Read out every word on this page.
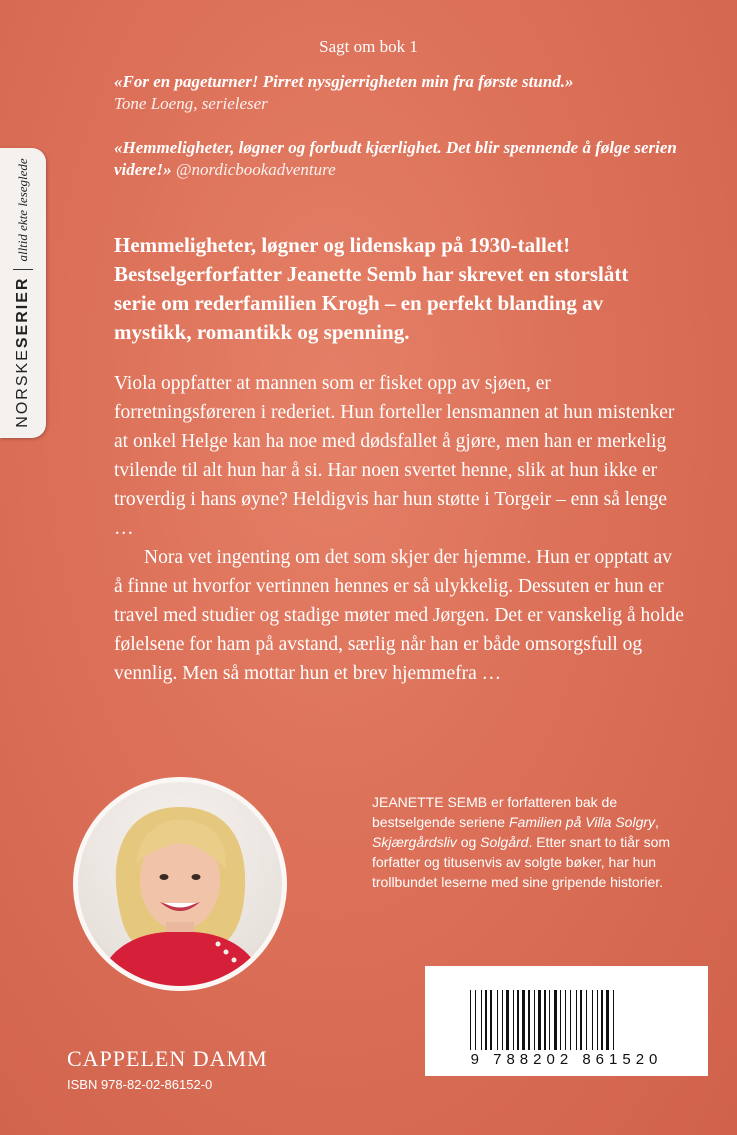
NORSKESERIER
alltid ekte leseglede
Sagt om bok 1
«For en pageturner! Pirret nysgjerrigheten min fra første stund.»
Tone Loeng, serieleser
«Hemmeligheter, løgner og forbudt kjærlighet. Det blir spennende å følge serien videre!» @nordicbookadventure
Hemmeligheter, løgner og lidenskap på 1930-tallet! Bestselgerforfatter Jeanette Semb har skrevet en storslått serie om rederfamilien Krogh – en perfekt blanding av mystikk, romantikk og spenning.

Viola oppfatter at mannen som er fisket opp av sjøen, er forretningsføreren i rederiet. Hun forteller lensmannen at hun mistenker at onkel Helge kan ha noe med dødsfallet å gjøre, men han er merkelig tvilende til alt hun har å si. Har noen svertet henne, slik at hun ikke er troverdig i hans øyne? Heldigvis har hun støtte i Torgeir – enn så lenge …

Nora vet ingenting om det som skjer der hjemme. Hun er opptatt av å finne ut hvorfor vertinnen hennes er så ulykkelig. Dessuten er hun er travel med studier og stadige møter med Jørgen. Det er vanskelig å holde følelsene for ham på avstand, særlig når han er både omsorgsfull og vennlig. Men så mottar hun et brev hjemmefra …

JEANETTE SEMB er forfatteren bak de bestselgende seriene Familien på Villa Solgry, Skjærgårdsliv og Solgård. Etter snart to tiår som forfatter og titusenvis av solgte bøker, har hun trollbundet leserne med sine gripende historier.
9 788202 861520
CAPPELEN DAMM
ISBN 978-82-02-86152-0
